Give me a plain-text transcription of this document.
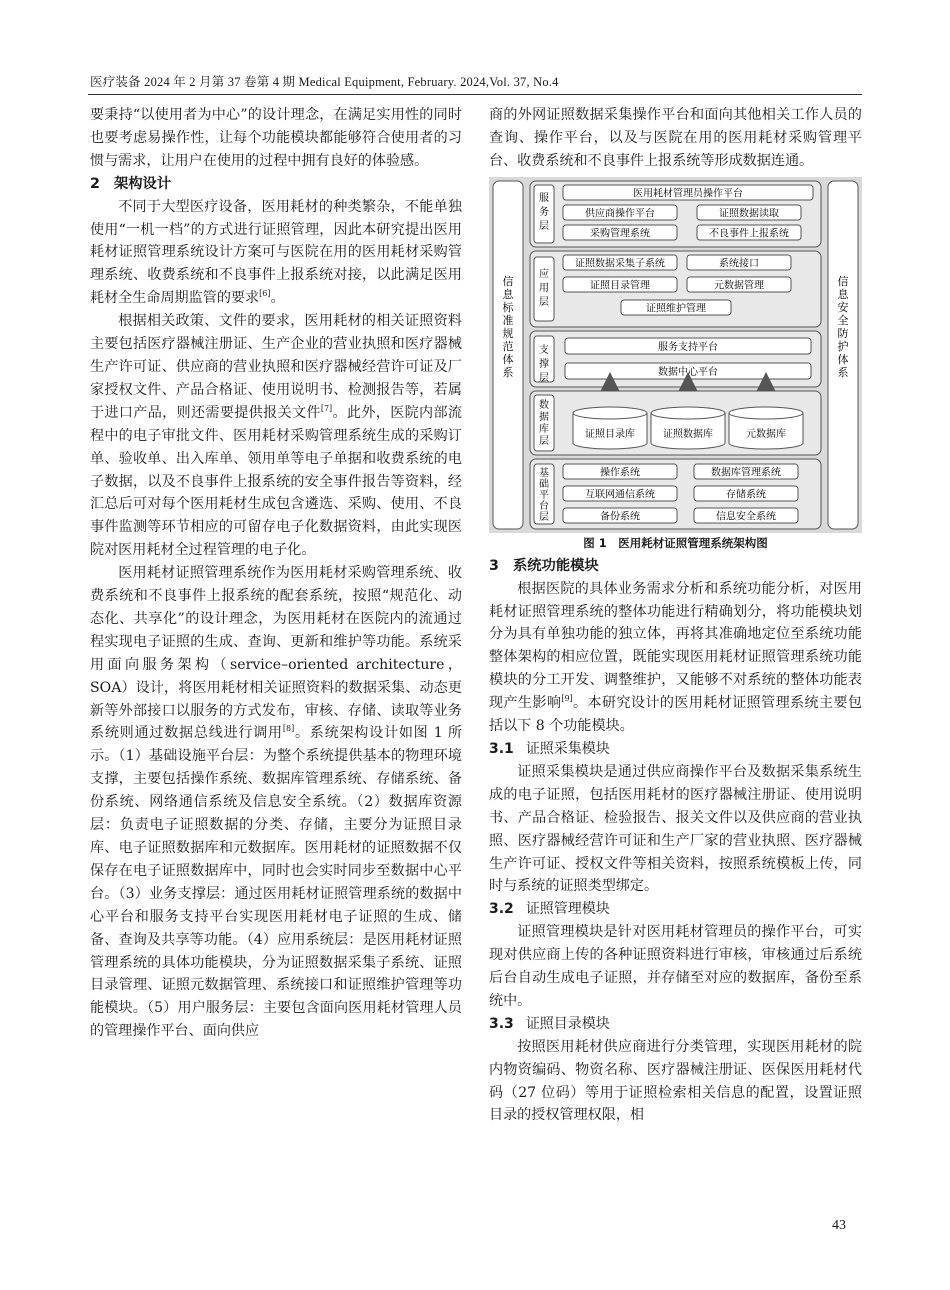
医疗装备 2024 年 2 月第 37 卷第 4 期 Medical Equipment, February. 2024,Vol. 37, No.4

要秉持“以使用者为中心”的设计理念，在满足实用性的同时也要考虑易操作性，让每个功能模块都能够符合使用者的习惯与需求，让用户在使用的过程中拥有良好的体验感。

2 架构设计

不同于大型医疗设备，医用耗材的种类繁杂，不能单独使用“一机一档”的方式进行证照管理，因此本研究提出医用耗材证照管理系统设计方案可与医院在用的医用耗材采购管理系统、收费系统和不良事件上报系统对接，以此满足医用耗材全生命周期监管的要求[6]。

根据相关政策、文件的要求，医用耗材的相关证照资料主要包括医疗器械注册证、生产企业的营业执照和医疗器械生产许可证、供应商的营业执照和医疗器械经营许可证及厂家授权文件、产品合格证、使用说明书、检测报告等，若属于进口产品，则还需要提供报关文件[7]。此外，医院内部流程中的电子审批文件、医用耗材采购管理系统生成的采购订单、验收单、出入库单、领用单等电子单据和收费系统的电子数据，以及不良事件上报系统的安全事件报告等资料，经汇总后可对每个医用耗材生成包含遴选、采购、使用、不良事件监测等环节相应的可留存电子化数据资料，由此实现医院对医用耗材全过程管理的电子化。

医用耗材证照管理系统作为医用耗材采购管理系统、收费系统和不良事件上报系统的配套系统，按照“规范化、动态化、共享化”的设计理念，为医用耗材在医院内的流通过程实现电子证照的生成、查询、更新和维护等功能。系统采用面向服务架构（service–oriented architecture，SOA）设计，将医用耗材相关证照资料的数据采集、动态更新等外部接口以服务的方式发布，审核、存储、读取等业务系统则通过数据总线进行调用[8]。系统架构设计如图 1 所示。（1）基础设施平台层：为整个系统提供基本的物理环境支撑，主要包括操作系统、数据库管理系统、存储系统、备份系统、网络通信系统及信息安全系统。（2）数据库资源层：负责电子证照数据的分类、存储，主要分为证照目录库、电子证照数据库和元数据库。医用耗材的证照数据不仅保存在电子证照数据库中，同时也会实时同步至数据中心平台。（3）业务支撑层：通过医用耗材证照管理系统的数据中心平台和服务支持平台实现医用耗材电子证照的生成、储备、查询及共享等功能。（4）应用系统层：是医用耗材证照管理系统的具体功能模块，分为证照数据采集子系统、证照目录管理、证照元数据管理、系统接口和证照维护管理等功能模块。（5）用户服务层：主要包含面向医用耗材管理人员的管理操作平台、面向供应

商的外网证照数据采集操作平台和面向其他相关工作人员的查询、操作平台，以及与医院在用的医用耗材采购管理平台、收费系统和不良事件上报系统等形成数据连通。

信息标准规范体系
信息安全防护体系
服务层
医用耗材管理员操作平台
供应商操作平台	证照数据读取
采购管理系统	不良事件上报系统
应用层
证照数据采集子系统	系统接口
证照目录管理	元数据管理
证照维护管理
支撑层
服务支持平台
数据中心平台
数据库层
证照目录库	证照数据库	元数据库
基础平台层
操作系统	数据库管理系统
互联网通信系统	存储系统
备份系统	信息安全系统
图 1　医用耗材证照管理系统架构图
3 系统功能模块

根据医院的具体业务需求分析和系统功能分析，对医用耗材证照管理系统的整体功能进行精确划分，将功能模块划分为具有单独功能的独立体，再将其准确地定位至系统功能整体架构的相应位置，既能实现医用耗材证照管理系统功能模块的分工开发、调整维护，又能够不对系统的整体功能表现产生影响[9]。本研究设计的医用耗材证照管理系统主要包括以下 8 个功能模块。

3.1 证照采集模块

证照采集模块是通过供应商操作平台及数据采集系统生成的电子证照，包括医用耗材的医疗器械注册证、使用说明书、产品合格证、检验报告、报关文件以及供应商的营业执照、医疗器械经营许可证和生产厂家的营业执照、医疗器械生产许可证、授权文件等相关资料，按照系统模板上传，同时与系统的证照类型绑定。

3.2 证照管理模块

证照管理模块是针对医用耗材管理员的操作平台，可实现对供应商上传的各种证照资料进行审核，审核通过后系统后台自动生成电子证照，并存储至对应的数据库，备份至系统中。

3.3 证照目录模块

按照医用耗材供应商进行分类管理，实现医用耗材的院内物资编码、物资名称、医疗器械注册证、医保医用耗材代码（27 位码）等用于证照检索相关信息的配置，设置证照目录的授权管理权限，相

43
